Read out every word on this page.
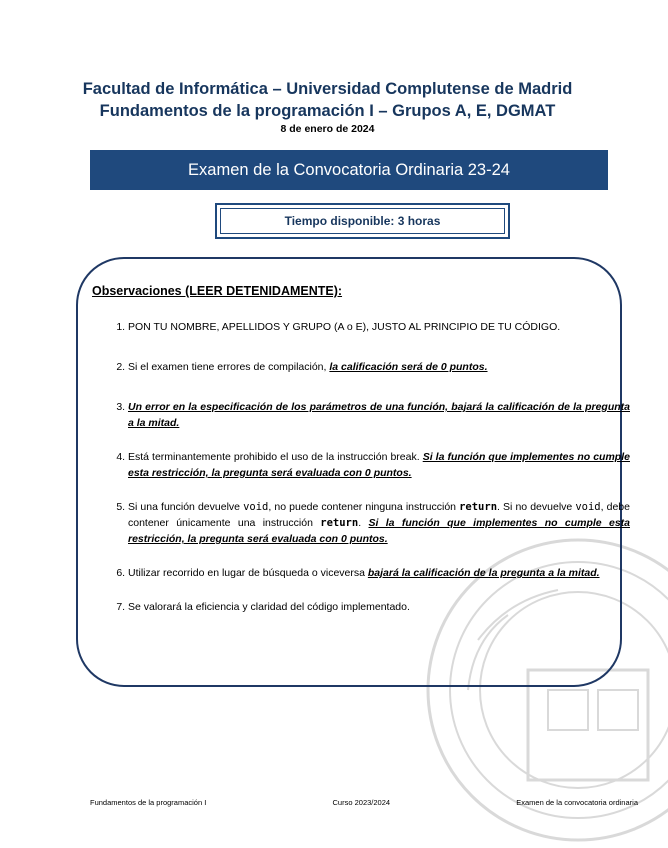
Facultad de Informática – Universidad Complutense de Madrid
Fundamentos de la programación I – Grupos A, E, DGMAT
8 de enero de 2024
Examen de la Convocatoria Ordinaria 23-24
Tiempo disponible: 3 horas
Observaciones (LEER DETENIDAMENTE):
1. PON TU NOMBRE, APELLIDOS Y GRUPO (A o E), JUSTO AL PRINCIPIO DE TU CÓDIGO.
2. Si el examen tiene errores de compilación, la calificación será de 0 puntos.
3. Un error en la especificación de los parámetros de una función, bajará la calificación de la pregunta a la mitad.
4. Está terminantemente prohibido el uso de la instrucción break. Si la función que implementes no cumple esta restricción, la pregunta será evaluada con 0 puntos.
5. Si una función devuelve void, no puede contener ninguna instrucción return. Si no devuelve void, debe contener únicamente una instrucción return. Si la función que implementes no cumple esta restricción, la pregunta será evaluada con 0 puntos.
6. Utilizar recorrido en lugar de búsqueda o viceversa bajará la calificación de la pregunta a la mitad.
7. Se valorará la eficiencia y claridad del código implementado.
Fundamentos de la programación I	Curso 2023/2024	Examen de la convocatoria ordinaria
